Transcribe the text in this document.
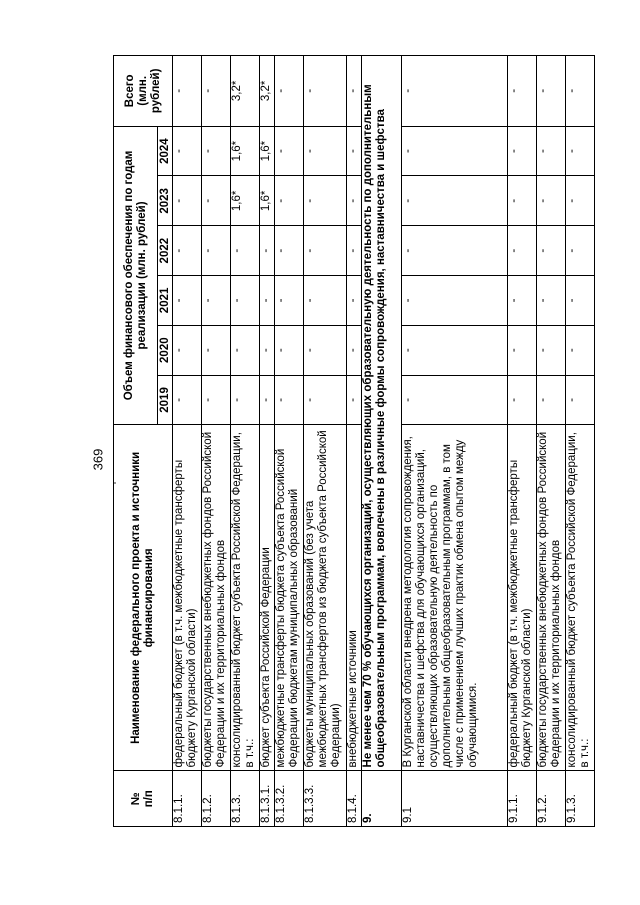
369
№
п/п	Наименование федерального проекта и источники финансирования	Объем финансового обеспечения по годам реализации (млн. рублей)						Всего (млн. рублей)
		2019	2020	2021	2022	2023	2024	
8.1.1.	федеральный бюджет (в т.ч. межбюджетные трансферты бюджету Курганской области)	-	-	-	-	-	-	-
8.1.2.	бюджеты государственных внебюджетных фондов Российской Федерации и их территориальных фондов	-	-	-	-	-	-	-
8.1.3.	консолидированный бюджет субъекта Российской Федерации, в т.ч.:	-	-	-	-	1,6*	1,6*	3,2*
8.1.3.1.	бюджет субъекта Российской Федерации	-	-	-	-	1,6*	1,6*	3,2*
8.1.3.2.	межбюджетные трансферты бюджета субъекта Российской Федерации бюджетам муниципальных образований	-	-	-	-	-	-	-
8.1.3.3.	бюджеты муниципальных образований (без учета межбюджетных трансфертов из бюджета субъекта Российской Федерации)	-	-	-	-	-	-	-
8.1.4.	внебюджетные источники	-	-	-	-	-	-	-
9.	Не менее чем 70 % обучающихся организаций, осуществляющих образовательную деятельность по дополнительным общеобразовательным программам, вовлечены в различные формы сопровождения, наставничества и шефства							
9.1	В Курганской области внедрена методология сопровождения, наставничества и шефства для обучающихся организаций, осуществляющих образовательную деятельность по дополнительным общеобразовательным программам, в том числе с применением лучших практик обмена опытом между обучающимися.	-	-	-	-	-	-	-
9.1.1.	федеральный бюджет (в т.ч. межбюджетные трансферты бюджету Курганской области)	-	-	-	-	-	-	-
9.1.2.	бюджеты государственных внебюджетных фондов Российской Федерации и их территориальных фондов	-	-	-	-	-	-	-
9.1.3.	консолидированный бюджет субъекта Российской Федерации, в т.ч.:	-	-	-	-	-	-	-
